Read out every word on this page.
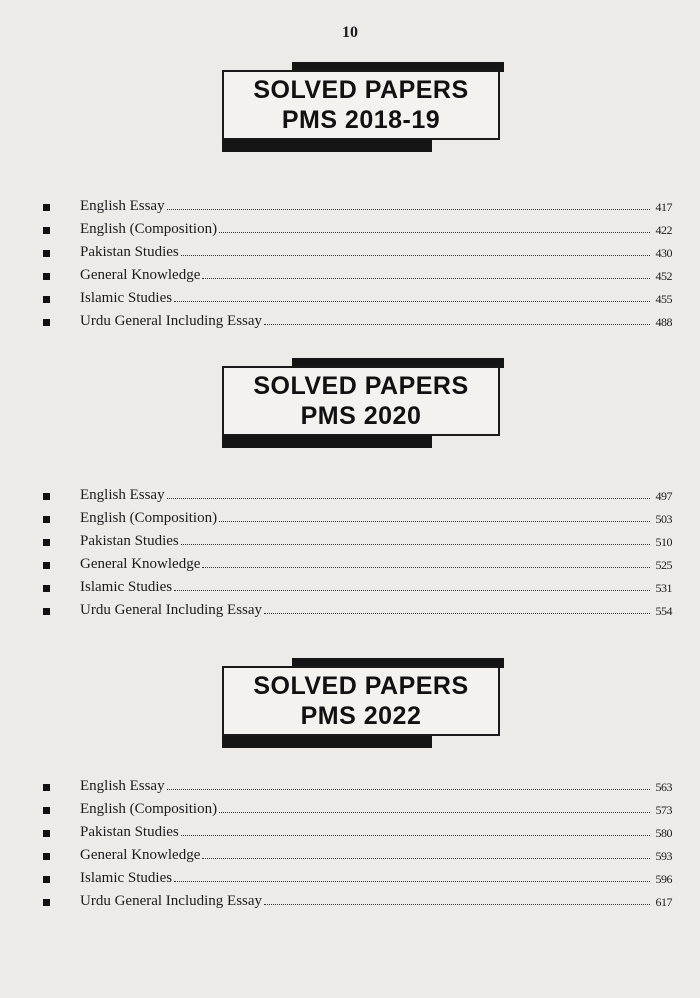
10
SOLVED PAPERS
PMS 2018-19
English Essay	417
English (Composition)	422
Pakistan Studies	430
General Knowledge	452
Islamic Studies	455
Urdu General Including Essay	488
SOLVED PAPERS
PMS 2020
English Essay	497
English (Composition)	503
Pakistan Studies	510
General Knowledge	525
Islamic Studies	531
Urdu General Including Essay	554
SOLVED PAPERS
PMS 2022
English Essay	563
English (Composition)	573
Pakistan Studies	580
General Knowledge	593
Islamic Studies	596
Urdu General Including Essay	617
